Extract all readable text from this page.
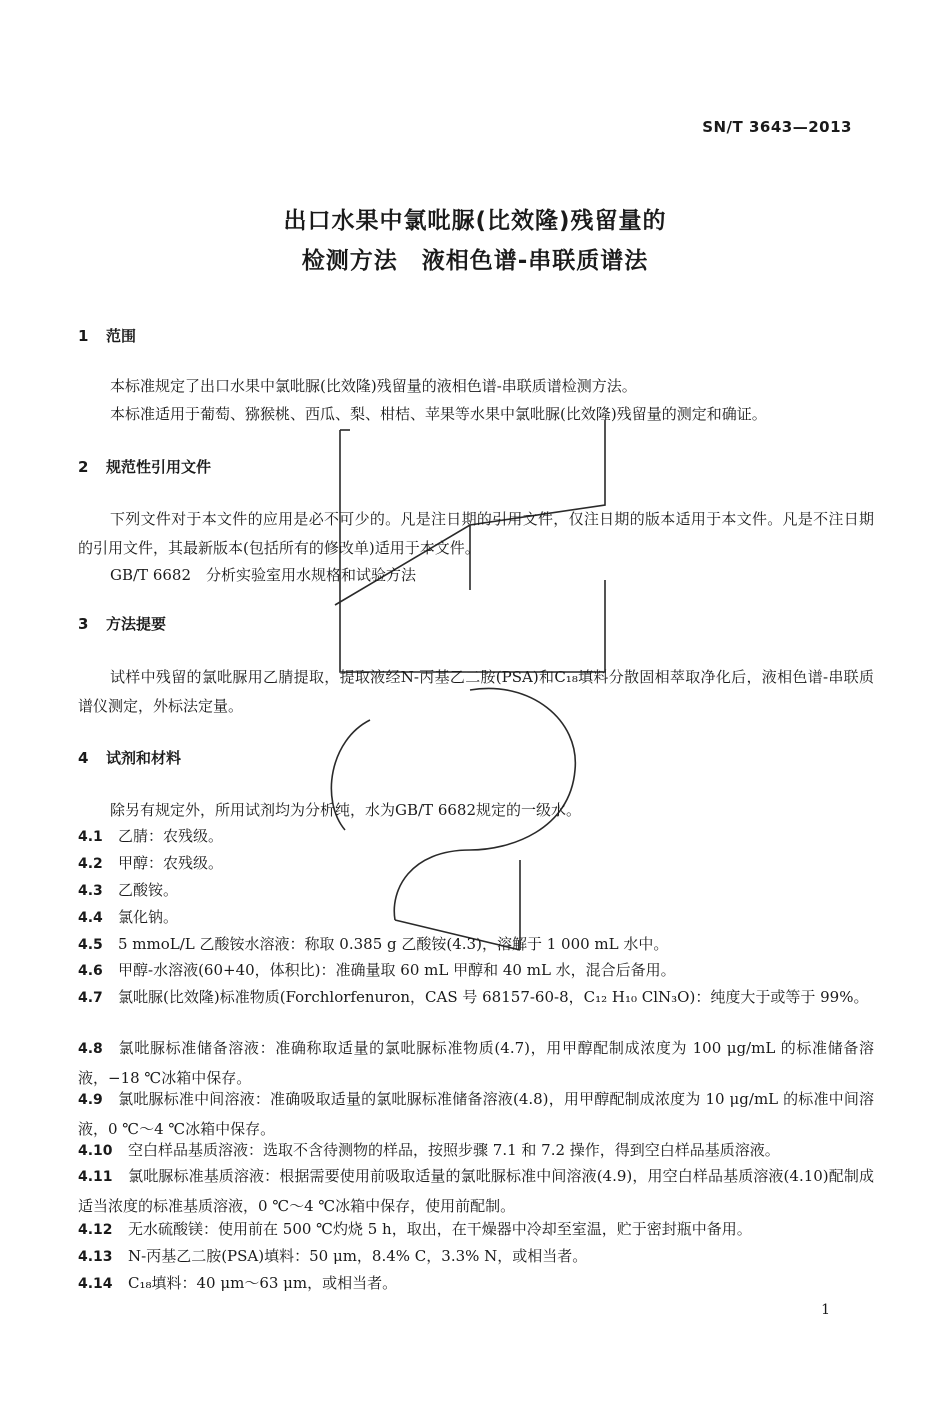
SN/T 3643—2013
出口水果中氯吡脲(比效隆)残留量的
检测方法　液相色谱-串联质谱法
1 范围
本标准规定了出口水果中氯吡脲(比效隆)残留量的液相色谱-串联质谱检测方法。
本标准适用于葡萄、猕猴桃、西瓜、梨、柑桔、苹果等水果中氯吡脲(比效隆)残留量的测定和确证。
2 规范性引用文件
下列文件对于本文件的应用是必不可少的。凡是注日期的引用文件，仅注日期的版本适用于本文件。凡是不注日期的引用文件，其最新版本(包括所有的修改单)适用于本文件。
GB/T 6682　分析实验室用水规格和试验方法
3 方法提要
试样中残留的氯吡脲用乙腈提取，提取液经N-丙基乙二胺(PSA)和C₁₈填料分散固相萃取净化后，液相色谱-串联质谱仪测定，外标法定量。
4 试剂和材料
除另有规定外，所用试剂均为分析纯，水为GB/T 6682规定的一级水。
4.1 乙腈：农残级。
4.2 甲醇：农残级。
4.3 乙酸铵。
4.4 氯化钠。
4.5 5 mmoL/L 乙酸铵水溶液：称取 0.385 g 乙酸铵(4.3)，溶解于 1 000 mL 水中。
4.6 甲醇-水溶液(60+40，体积比)：准确量取 60 mL 甲醇和 40 mL 水，混合后备用。
4.7 氯吡脲(比效隆)标准物质(Forchlorfenuron，CAS 号 68157-60-8，C₁₂ H₁₀ ClN₃O)：纯度大于或等于 99%。
4.8 氯吡脲标准储备溶液：准确称取适量的氯吡脲标准物质(4.7)，用甲醇配制成浓度为 100 μg/mL 的标准储备溶液，−18 ℃冰箱中保存。
4.9 氯吡脲标准中间溶液：准确吸取适量的氯吡脲标准储备溶液(4.8)，用甲醇配制成浓度为 10 μg/mL 的标准中间溶液，0 ℃～4 ℃冰箱中保存。
4.10 空白样品基质溶液：选取不含待测物的样品，按照步骤 7.1 和 7.2 操作，得到空白样品基质溶液。
4.11 氯吡脲标准基质溶液：根据需要使用前吸取适量的氯吡脲标准中间溶液(4.9)，用空白样品基质溶液(4.10)配制成适当浓度的标准基质溶液，0 ℃～4 ℃冰箱中保存，使用前配制。
4.12 无水硫酸镁：使用前在 500 ℃灼烧 5 h，取出，在干燥器中冷却至室温，贮于密封瓶中备用。
4.13 N-丙基乙二胺(PSA)填料：50 μm，8.4% C，3.3% N，或相当者。
4.14 C₁₈填料：40 μm～63 μm，或相当者。
1
